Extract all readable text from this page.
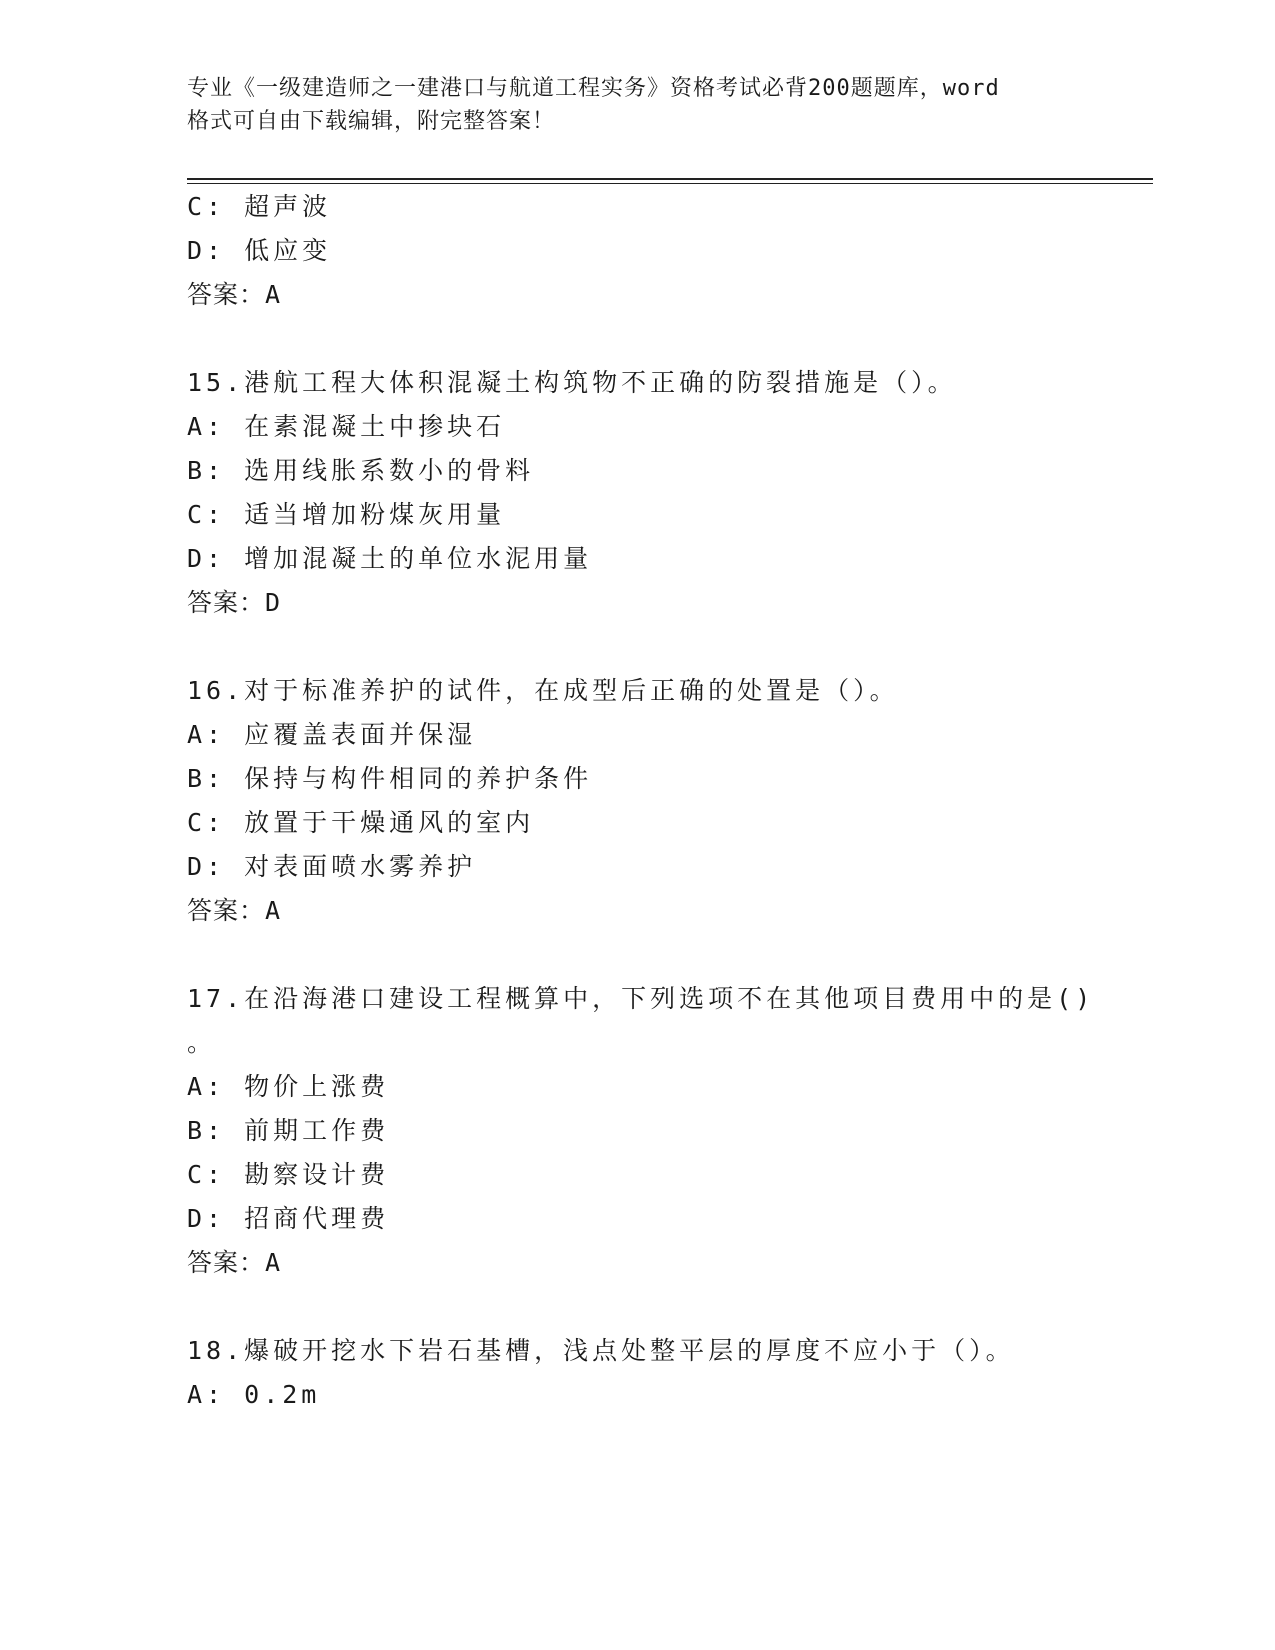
专业《一级建造师之一建港口与航道工程实务》资格考试必背200题题库，word
格式可自由下载编辑，附完整答案！
C: 超声波
D: 低应变
答案：A
15.港航工程大体积混凝土构筑物不正确的防裂措施是（）。
A: 在素混凝土中掺块石
B: 选用线胀系数小的骨料
C: 适当增加粉煤灰用量
D: 增加混凝土的单位水泥用量
答案：D
16.对于标准养护的试件，在成型后正确的处置是（）。
A: 应覆盖表面并保湿
B: 保持与构件相同的养护条件
C: 放置于干燥通风的室内
D: 对表面喷水雾养护
答案：A
17.在沿海港口建设工程概算中，下列选项不在其他项目费用中的是()
。
A: 物价上涨费
B: 前期工作费
C: 勘察设计费
D: 招商代理费
答案：A
18.爆破开挖水下岩石基槽，浅点处整平层的厚度不应小于（）。
A: 0.2m
